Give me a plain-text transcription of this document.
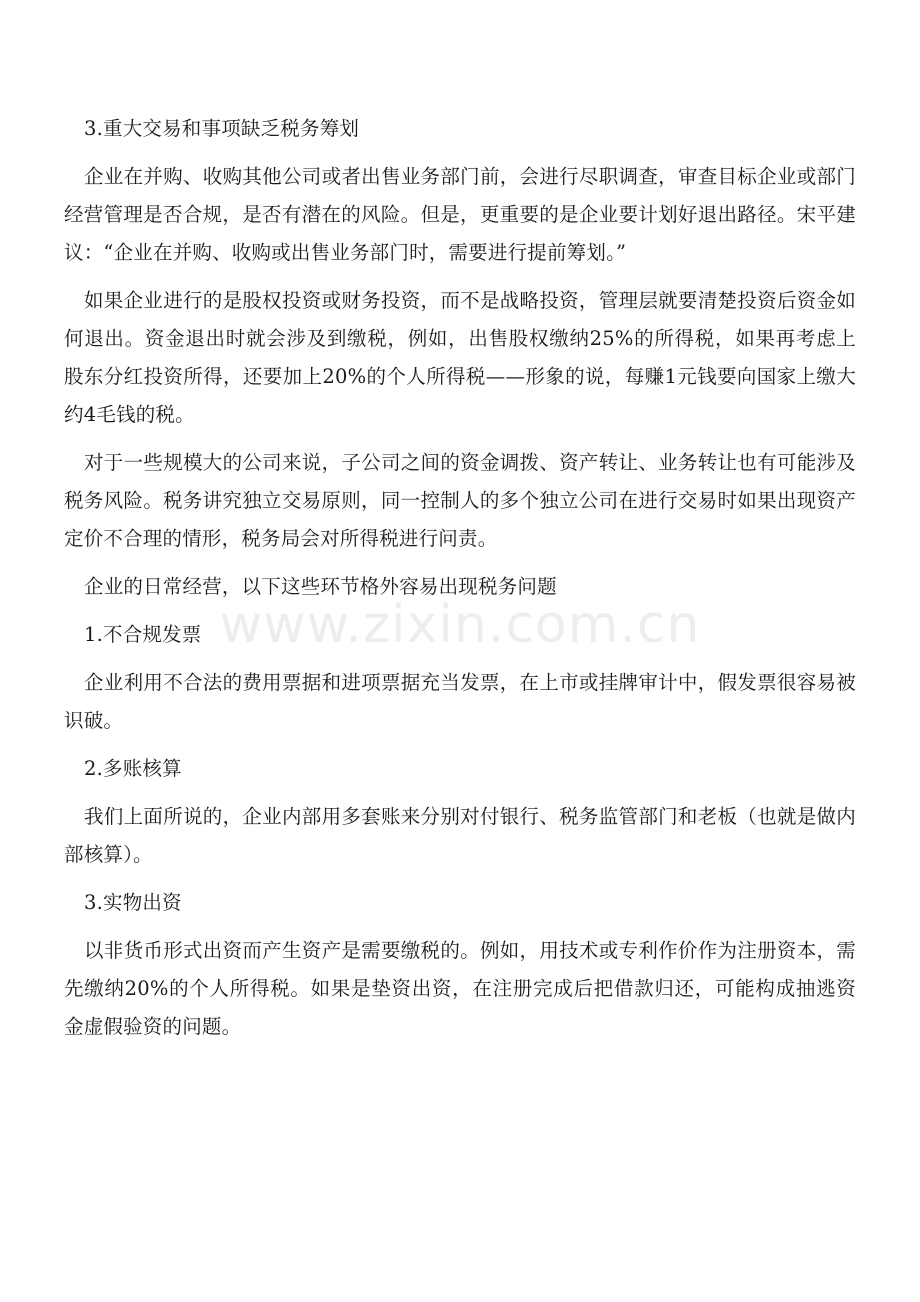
3.重大交易和事项缺乏税务筹划

企业在并购、收购其他公司或者出售业务部门前，会进行尽职调查，审查目标企业或部门经营管理是否合规，是否有潜在的风险。但是，更重要的是企业要计划好退出路径。宋平建议：“企业在并购、收购或出售业务部门时，需要进行提前筹划。”

如果企业进行的是股权投资或财务投资，而不是战略投资，管理层就要清楚投资后资金如何退出。资金退出时就会涉及到缴税，例如，出售股权缴纳25%的所得税，如果再考虑上股东分红投资所得，还要加上20%的个人所得税——形象的说，每赚1元钱要向国家上缴大约4毛钱的税。

对于一些规模大的公司来说，子公司之间的资金调拨、资产转让、业务转让也有可能涉及税务风险。税务讲究独立交易原则，同一控制人的多个独立公司在进行交易时如果出现资产定价不合理的情形，税务局会对所得税进行问责。

企业的日常经营，以下这些环节格外容易出现税务问题

1.不合规发票

企业利用不合法的费用票据和进项票据充当发票，在上市或挂牌审计中，假发票很容易被识破。

2.多账核算

我们上面所说的，企业内部用多套账来分别对付银行、税务监管部门和老板（也就是做内部核算）。

3.实物出资

以非货币形式出资而产生资产是需要缴税的。例如，用技术或专利作价作为注册资本，需先缴纳20%的个人所得税。如果是垫资出资，在注册完成后把借款归还，可能构成抽逃资金虚假验资的问题。

www.zixin.com.cn
